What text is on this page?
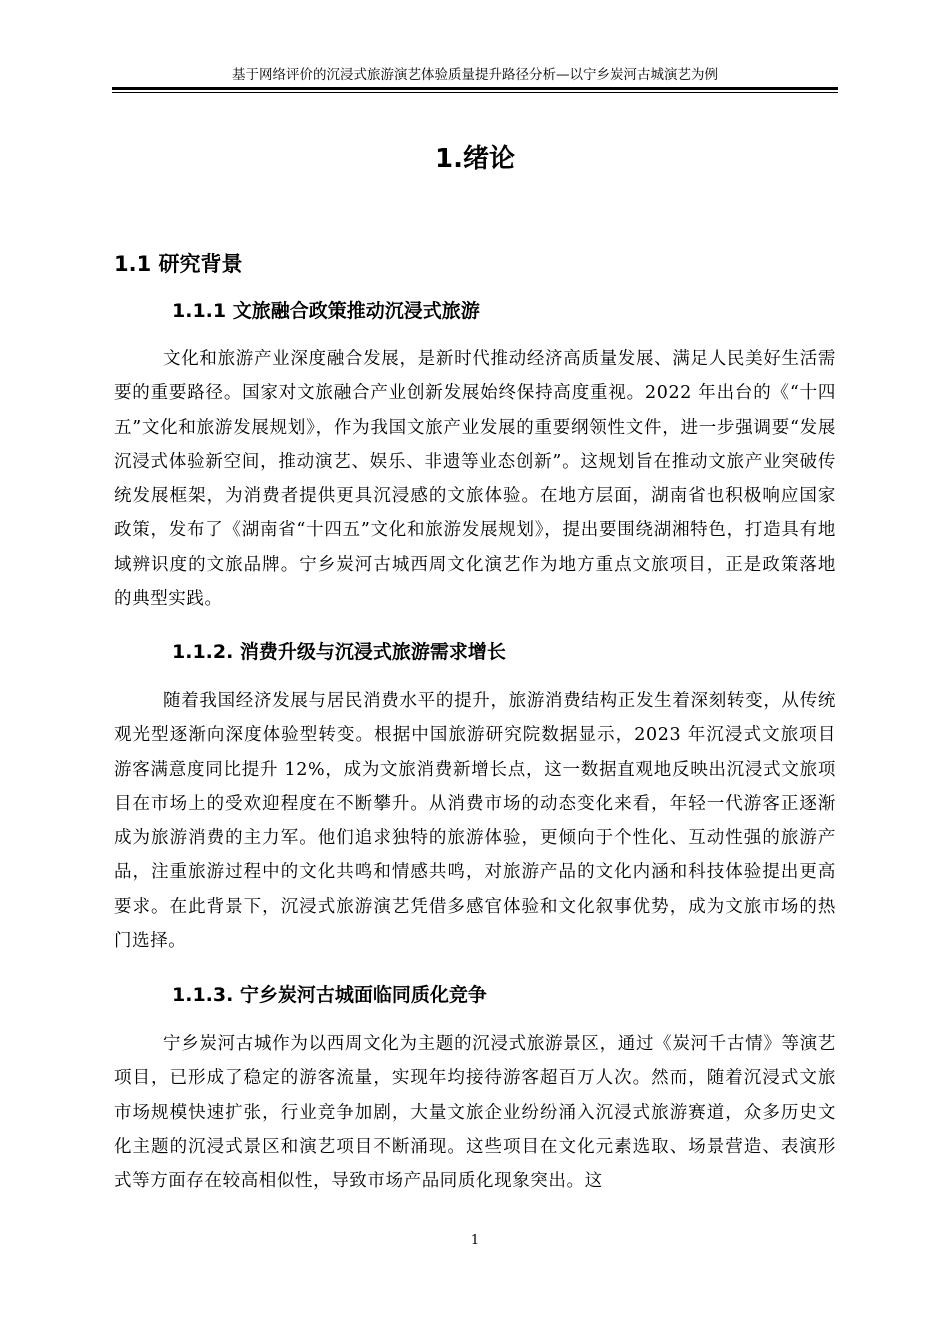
基于网络评价的沉浸式旅游演艺体验质量提升路径分析—以宁乡炭河古城演艺为例
1.绪论
1.1 研究背景
1.1.1 文旅融合政策推动沉浸式旅游

文化和旅游产业深度融合发展，是新时代推动经济高质量发展、满足人民美好生活需要的重要路径。国家对文旅融合产业创新发展始终保持高度重视。2022 年出台的《“十四五”文化和旅游发展规划》，作为我国文旅产业发展的重要纲领性文件，进一步强调要“发展沉浸式体验新空间，推动演艺、娱乐、非遗等业态创新”。这规划旨在推动文旅产业突破传统发展框架，为消费者提供更具沉浸感的文旅体验。在地方层面，湖南省也积极响应国家政策，发布了《湖南省“十四五”文化和旅游发展规划》，提出要围绕湖湘特色，打造具有地域辨识度的文旅品牌。宁乡炭河古城西周文化演艺作为地方重点文旅项目，正是政策落地的典型实践。

1.1.2. 消费升级与沉浸式旅游需求增长

随着我国经济发展与居民消费水平的提升，旅游消费结构正发生着深刻转变，从传统观光型逐渐向深度体验型转变。根据中国旅游研究院数据显示，2023 年沉浸式文旅项目游客满意度同比提升 12%，成为文旅消费新增长点，这一数据直观地反映出沉浸式文旅项目在市场上的受欢迎程度在不断攀升。从消费市场的动态变化来看，年轻一代游客正逐渐成为旅游消费的主力军。他们追求独特的旅游体验，更倾向于个性化、互动性强的旅游产品，注重旅游过程中的文化共鸣和情感共鸣，对旅游产品的文化内涵和科技体验提出更高要求。在此背景下，沉浸式旅游演艺凭借多感官体验和文化叙事优势，成为文旅市场的热门选择。

1.1.3. 宁乡炭河古城面临同质化竞争

宁乡炭河古城作为以西周文化为主题的沉浸式旅游景区，通过《炭河千古情》等演艺项目，已形成了稳定的游客流量，实现年均接待游客超百万人次。然而，随着沉浸式文旅市场规模快速扩张，行业竞争加剧，大量文旅企业纷纷涌入沉浸式旅游赛道，众多历史文化主题的沉浸式景区和演艺项目不断涌现。这些项目在文化元素选取、场景营造、表演形式等方面存在较高相似性，导致市场产品同质化现象突出。这

1
